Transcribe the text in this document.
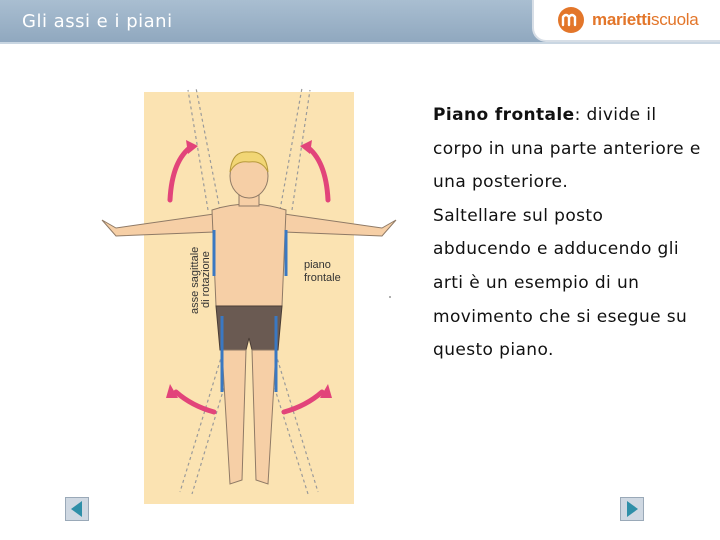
Gli assi e i piani	mariettiscuola
asse sagittale di rotazione	piano
frontale
Piano frontale: divide il corpo in una parte anteriore e una posteriore.
Saltellare sul posto abducendo e adducendo gli arti è un esempio di un movimento che si esegue su questo piano.
